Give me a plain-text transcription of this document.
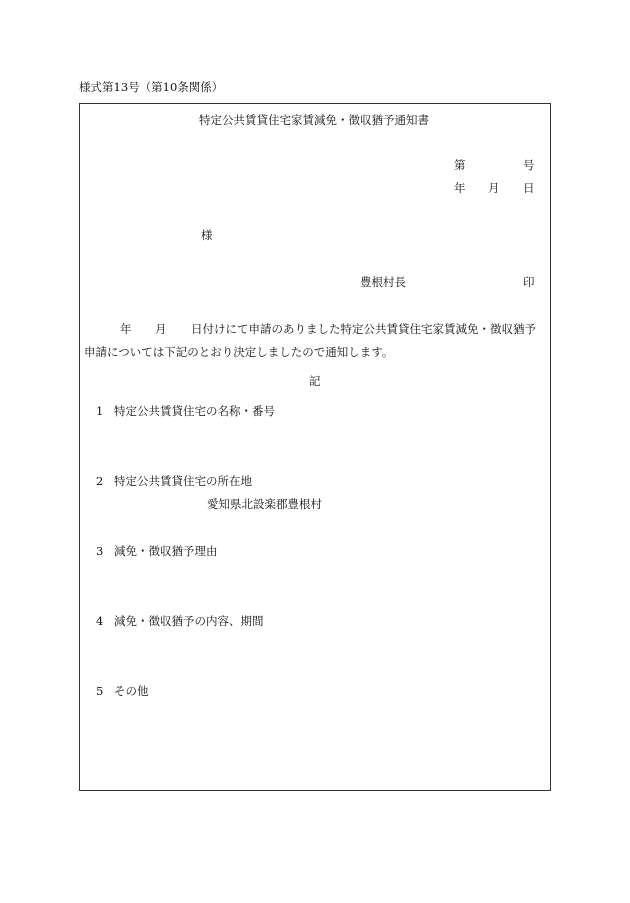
様式第13号（第10条関係）
特定公共賃貸住宅家賃減免・徴収猶予通知書
第	号
年 月 日
様
豊根村長	印
年 月 日付けにて申請のありました特定公共賃貸住宅家賃減免・徴収猶予
申請については下記のとおり決定しましたので通知します。
記
1 特定公共賃貸住宅の名称・番号
2 特定公共賃貸住宅の所在地
愛知県北設楽郡豊根村
3 減免・徴収猶予理由
4 減免・徴収猶予の内容、期間
5 その他
